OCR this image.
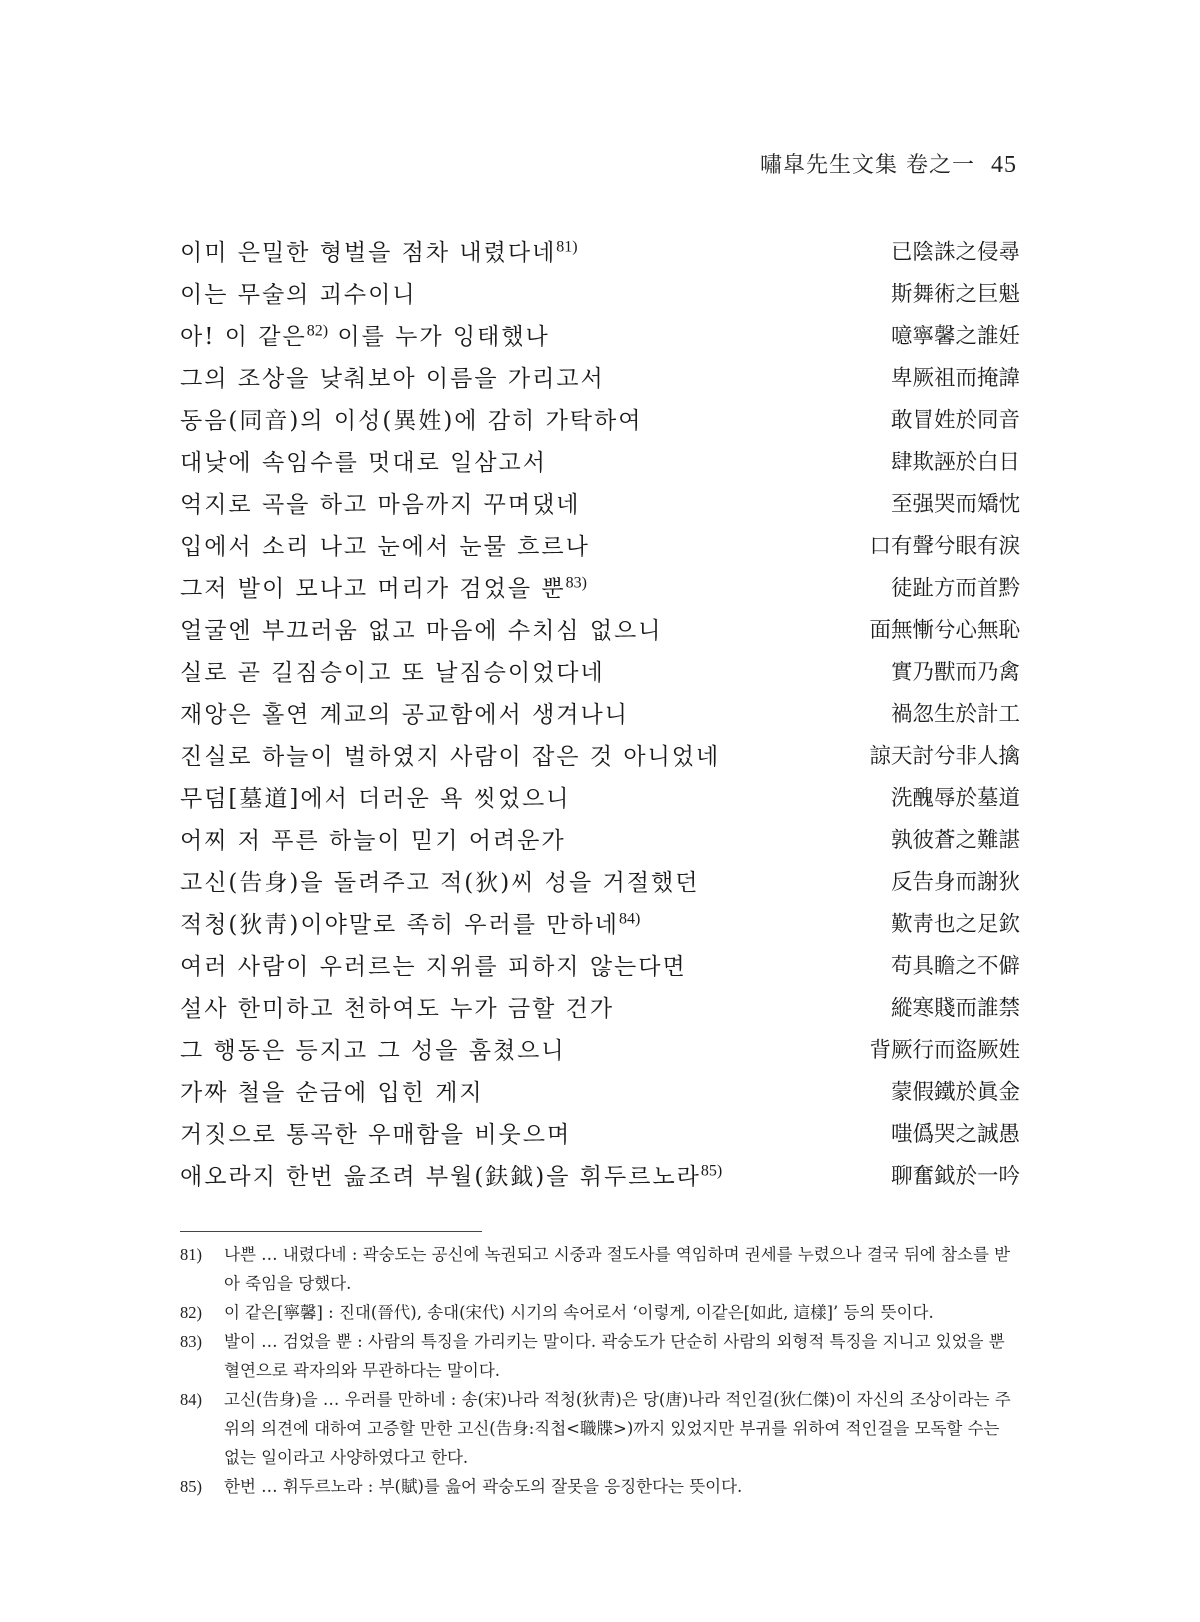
嘯皐先生文集 卷之一 45
이미 은밀한 형벌을 점차 내렸다네$^{81)}$	已陰誅之侵尋
이는 무술의 괴수이니	斯舞術之巨魁
아! 이 같은$^{82)}$ 이를 누가 잉태했나	噫寧馨之誰妊
그의 조상을 낮춰보아 이름을 가리고서	卑厥祖而掩諱
동음(同音)의 이성(異姓)에 감히 가탁하여	敢冒姓於同音
대낮에 속임수를 멋대로 일삼고서	肆欺誣於白日
억지로 곡을 하고 마음까지 꾸며댔네	至强哭而矯忱
입에서 소리 나고 눈에서 눈물 흐르나	口有聲兮眼有淚
그저 발이 모나고 머리가 검었을 뿐$^{83)}$	徒趾方而首黔
얼굴엔 부끄러움 없고 마음에 수치심 없으니	面無慚兮心無恥
실로 곧 길짐승이고 또 날짐승이었다네	實乃獸而乃禽
재앙은 홀연 계교의 공교함에서 생겨나니	禍忽生於計工
진실로 하늘이 벌하였지 사람이 잡은 것 아니었네	諒天討兮非人擒
무덤[墓道]에서 더러운 욕 씻었으니	洗醜辱於墓道
어찌 저 푸른 하늘이 믿기 어려운가	孰彼蒼之難諶
고신(告身)을 돌려주고 적(狄)씨 성을 거절했던	反告身而謝狄
적청(狄靑)이야말로 족히 우러를 만하네$^{84)}$	歎靑也之足欽
여러 사람이 우러르는 지위를 피하지 않는다면	苟具瞻之不僻
설사 한미하고 천하여도 누가 금할 건가	縱寒賤而誰禁
그 행동은 등지고 그 성을 훔쳤으니	背厥行而盜厥姓
가짜 철을 순금에 입힌 게지	蒙假鐵於眞金
거짓으로 통곡한 우매함을 비웃으며	嗤僞哭之誠愚
애오라지 한번 읊조려 부월(鈇鉞)을 휘두르노라$^{85)}$	聊奮鉞於一吟
81) 나쁜 … 내렸다네 : 곽숭도는 공신에 녹권되고 시중과 절도사를 역임하며 권세를 누렸으나 결국 뒤에 참소를 받아 죽임을 당했다.
82) 이 같은[寧馨] : 진대(晉代), 송대(宋代) 시기의 속어로서 ‘이렇게, 이같은[如此, 這樣]’ 등의 뜻이다.
83) 발이 … 검었을 뿐 : 사람의 특징을 가리키는 말이다. 곽숭도가 단순히 사람의 외형적 특징을 지니고 있었을 뿐 혈연으로 곽자의와 무관하다는 말이다.
84) 고신(告身)을 … 우러를 만하네 : 송(宋)나라 적청(狄靑)은 당(唐)나라 적인걸(狄仁傑)이 자신의 조상이라는 주위의 의견에 대하여 고증할 만한 고신(告身:직첩<職牒>)까지 있었지만 부귀를 위하여 적인걸을 모독할 수는 없는 일이라고 사양하였다고 한다.
85) 한번 … 휘두르노라 : 부(賦)를 읊어 곽숭도의 잘못을 응징한다는 뜻이다.
